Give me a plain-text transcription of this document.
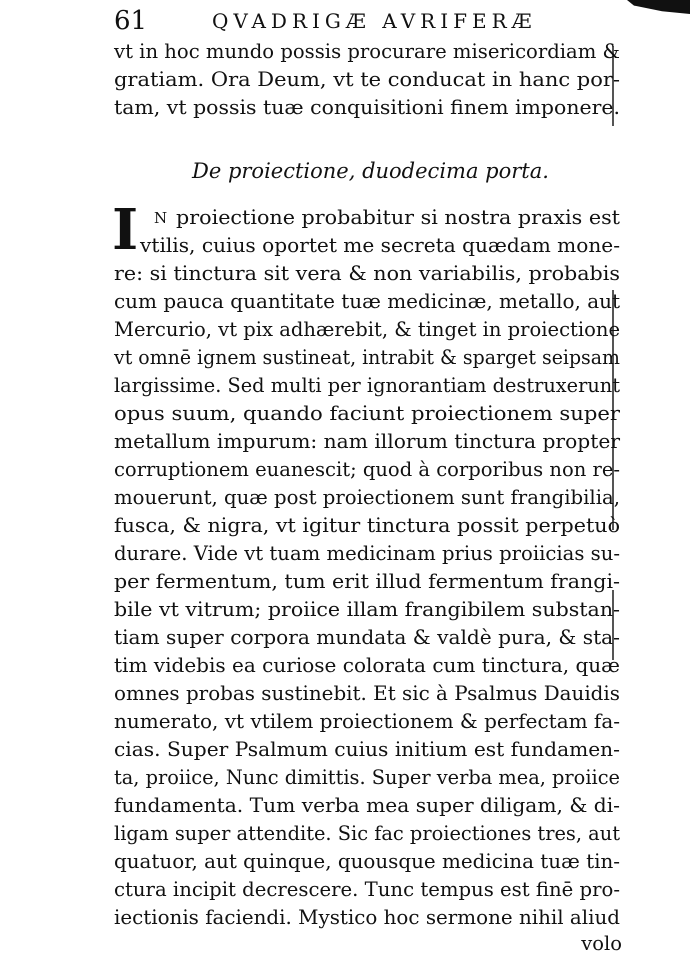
61	QVADRIGÆ AVRIFERÆ
vt in hoc mundo possis procurare misericordiam &
gratiam. Ora Deum, vt te conducat in hanc por-
tam, vt possis tuæ conquisitioni finem imponere.
De proiectione, duodecima porta.
I N proiectione probabitur si nostra praxis est
vtilis, cuius oportet me secreta quædam mone-
re: si tinctura sit vera & non variabilis, probabis
cum pauca quantitate tuæ medicinæ, metallo, aut
Mercurio, vt pix adhærebit, & tinget in proiectione
vt omnē ignem sustineat, intrabit & sparget seipsam
largissime. Sed multi per ignorantiam destruxerunt
opus suum, quando faciunt proiectionem super
metallum impurum: nam illorum tinctura propter
corruptionem euanescit; quod à corporibus non re-
mouerunt, quæ post proiectionem sunt frangibilia,
fusca, & nigra, vt igitur tinctura possit perpetuò
durare. Vide vt tuam medicinam prius proiicias su-
per fermentum, tum erit illud fermentum frangi-
bile vt vitrum; proiice illam frangibilem substan-
tiam super corpora mundata & valdè pura, & sta-
tim videbis ea curiose colorata cum tinctura, quæ
omnes probas sustinebit. Et sic à Psalmus Dauidis
numerato, vt vtilem proiectionem & perfectam fa-
cias. Super Psalmum cuius initium est fundamen-
ta, proiice, Nunc dimittis. Super verba mea, proiice
fundamenta. Tum verba mea super diligam, & di-
ligam super attendite. Sic fac proiectiones tres, aut
quatuor, aut quinque, quousque medicina tuæ tin-
ctura incipit decrescere. Tunc tempus est finē pro-
iectionis faciendi. Mystico hoc sermone nihil aliud
volo
